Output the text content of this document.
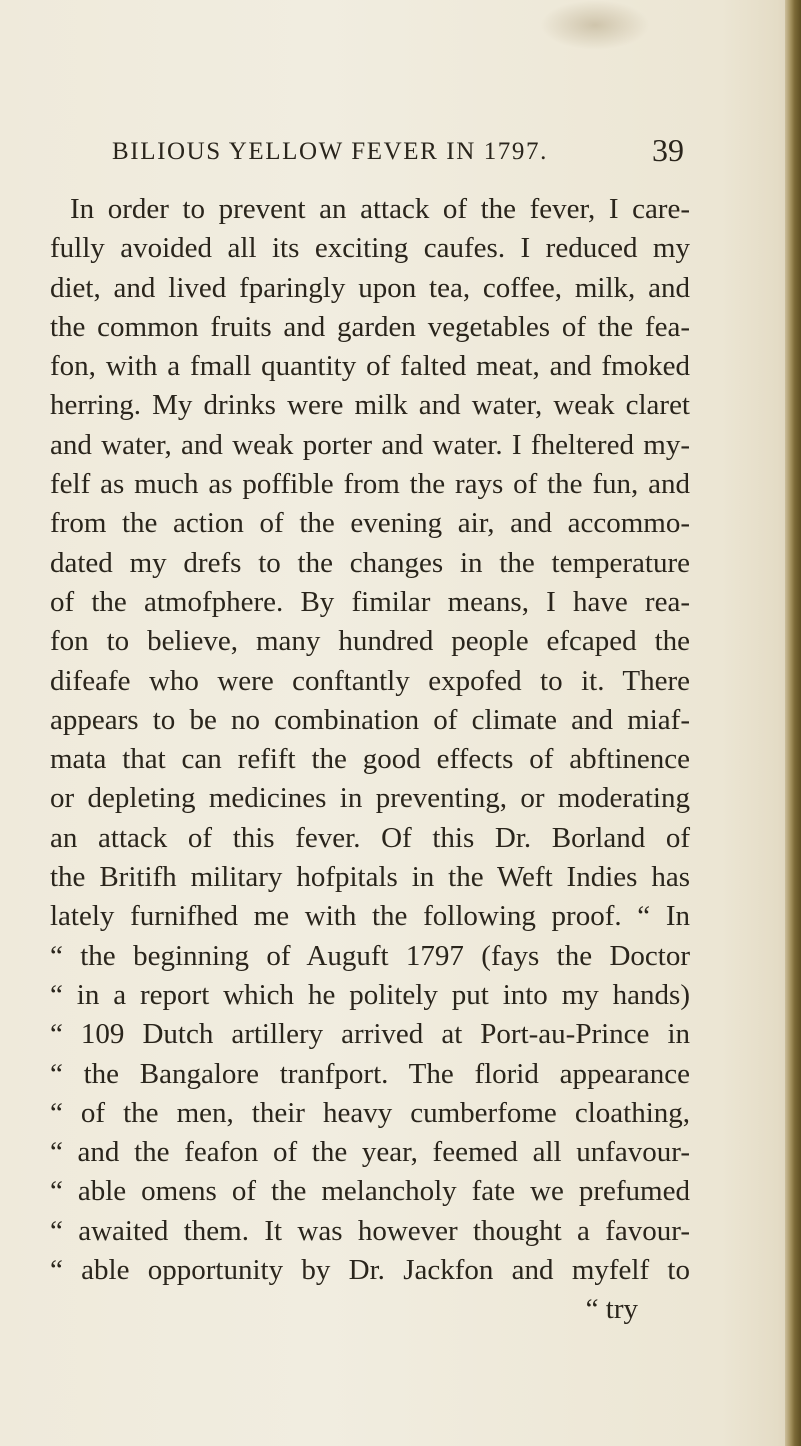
BILIOUS YELLOW FEVER IN 1797.	39
In order to prevent an attack of the fever, I care-
fully avoided all its exciting caufes. I reduced my
diet, and lived fparingly upon tea, coffee, milk, and
the common fruits and garden vegetables of the fea-
fon, with a fmall quantity of falted meat, and fmoked
herring. My drinks were milk and water, weak claret
and water, and weak porter and water. I fheltered my-
felf as much as poffible from the rays of the fun, and
from the action of the evening air, and accommo-
dated my drefs to the changes in the temperature
of the atmofphere. By fimilar means, I have rea-
fon to believe, many hundred people efcaped the
difeafe who were conftantly expofed to it. There
appears to be no combination of climate and miaf-
mata that can refift the good effects of abftinence
or depleting medicines in preventing, or moderating
an attack of this fever. Of this Dr. Borland of
the Britifh military hofpitals in the Weft Indies has
lately furnifhed me with the following proof. “ In
“ the beginning of Auguft 1797 (fays the Doctor
“ in a report which he politely put into my hands)
“ 109 Dutch artillery arrived at Port-au-Prince in
“ the Bangalore tranfport. The florid appearance
“ of the men, their heavy cumberfome cloathing,
“ and the feafon of the year, feemed all unfavour-
“ able omens of the melancholy fate we prefumed
“ awaited them. It was however thought a favour-
“ able opportunity by Dr. Jackfon and myfelf to
“ try
